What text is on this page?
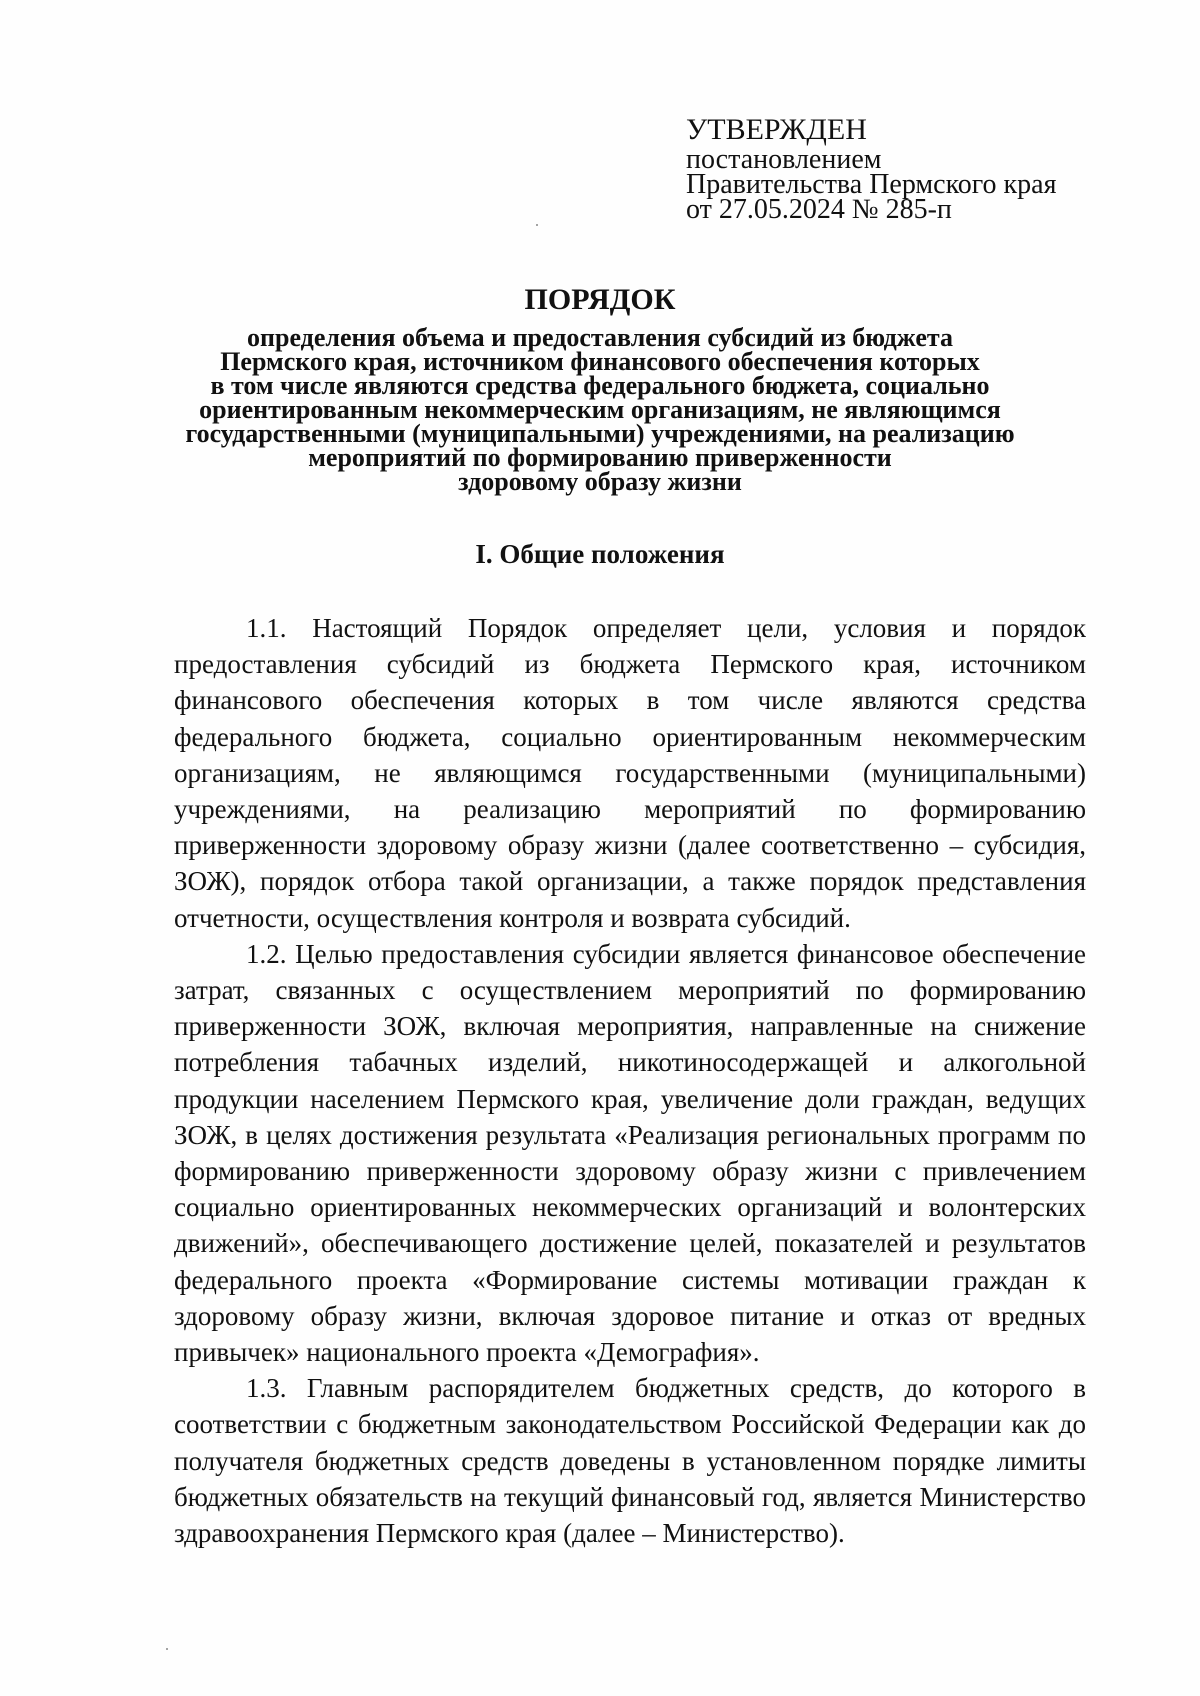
УТВЕРЖДЕН
постановлением
Правительства Пермского края
от 27.05.2024 № 285-п
ПОРЯДОК
определения объема и предоставления субсидий из бюджета
Пермского края, источником финансового обеспечения которых
в том числе являются средства федерального бюджета, социально
ориентированным некоммерческим организациям, не являющимся
государственными (муниципальными) учреждениями, на реализацию
мероприятий по формированию приверженности
здоровому образу жизни
I. Общие положения

1.1. Настоящий Порядок определяет цели, условия и порядок предоставления субсидий из бюджета Пермского края, источником финансового обеспечения которых в том числе являются средства федерального бюджета, социально ориентированным некоммерческим организациям, не являющимся государственными (муниципальными) учреждениями, на реализацию мероприятий по формированию приверженности здоровому образу жизни (далее соответственно – субсидия, ЗОЖ), порядок отбора такой организации, а также порядок представления отчетности, осуществления контроля и возврата субсидий.

1.2. Целью предоставления субсидии является финансовое обеспечение затрат, связанных с осуществлением мероприятий по формированию приверженности ЗОЖ, включая мероприятия, направленные на снижение потребления табачных изделий, никотиносодержащей и алкогольной продукции населением Пермского края, увеличение доли граждан, ведущих ЗОЖ, в целях достижения результата «Реализация региональных программ по формированию приверженности здоровому образу жизни с привлечением социально ориентированных некоммерческих организаций и волонтерских движений», обеспечивающего достижение целей, показателей и результатов федерального проекта «Формирование системы мотивации граждан к здоровому образу жизни, включая здоровое питание и отказ от вредных привычек» национального проекта «Демография».

1.3. Главным распорядителем бюджетных средств, до которого в соответствии с бюджетным законодательством Российской Федерации как до получателя бюджетных средств доведены в установленном порядке лимиты бюджетных обязательств на текущий финансовый год, является Министерство здравоохранения Пермского края (далее – Министерство).
